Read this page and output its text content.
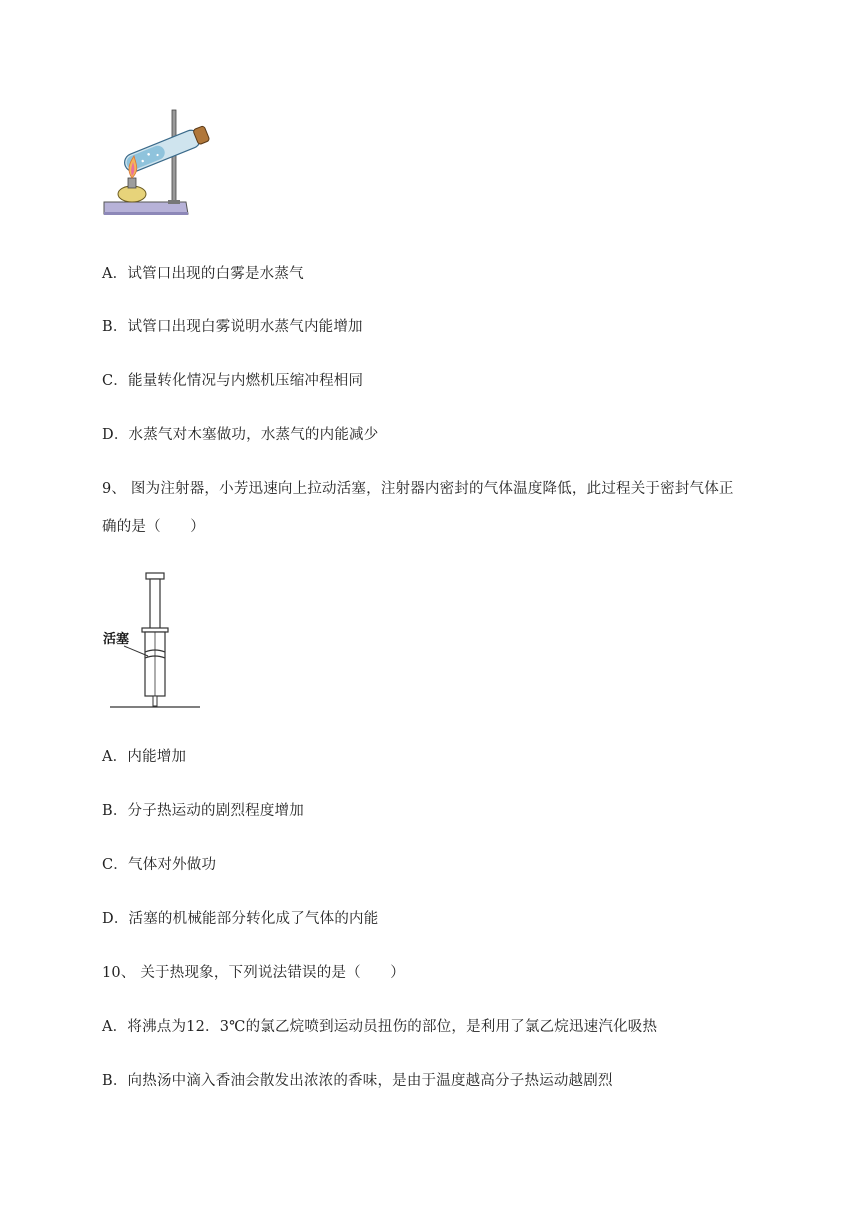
A．试管口出现的白雾是水蒸气
B．试管口出现白雾说明水蒸气内能增加
C．能量转化情况与内燃机压缩冲程相同
D．水蒸气对木塞做功，水蒸气的内能减少
9、 图为注射器，小芳迅速向上拉动活塞，注射器内密封的气体温度降低，此过程关于密封气体正
确的是（　　）
活塞
A．内能增加
B．分子热运动的剧烈程度增加
C．气体对外做功
D．活塞的机械能部分转化成了气体的内能
10、 关于热现象，下列说法错误的是（　　）
A．将沸点为12．3℃的氯乙烷喷到运动员扭伤的部位，是利用了氯乙烷迅速汽化吸热
B．向热汤中滴入香油会散发出浓浓的香味，是由于温度越高分子热运动越剧烈
